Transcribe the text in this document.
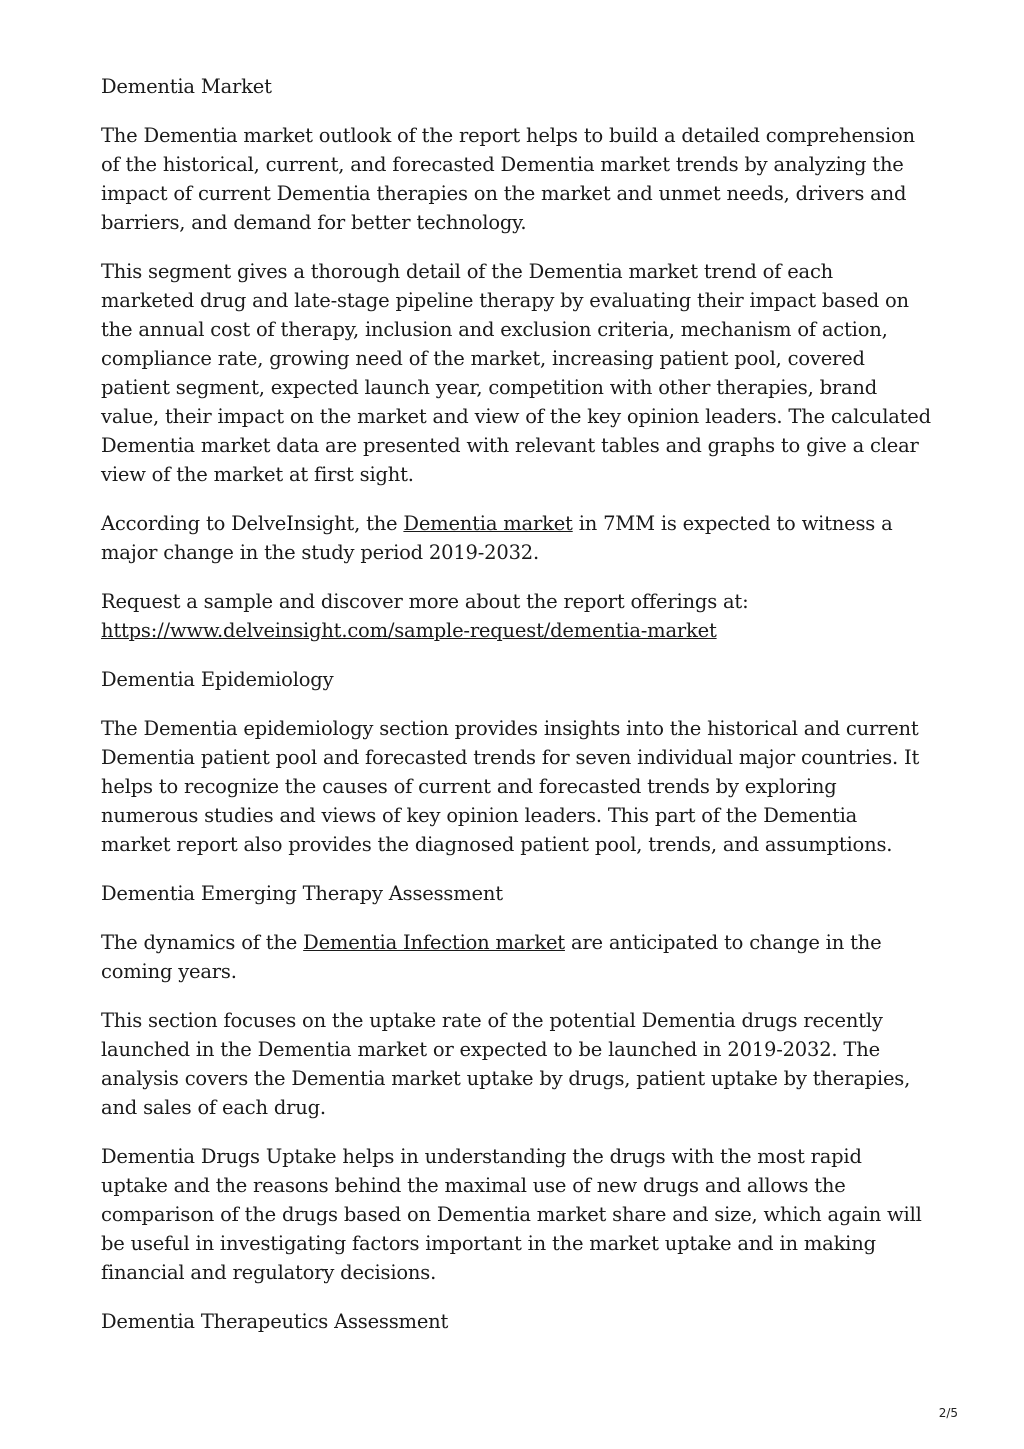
Dementia Market

The Dementia market outlook of the report helps to build a detailed comprehension of the historical, current, and forecasted Dementia market trends by analyzing the impact of current Dementia therapies on the market and unmet needs, drivers and barriers, and demand for better technology.

This segment gives a thorough detail of the Dementia market trend of each marketed drug and late-stage pipeline therapy by evaluating their impact based on the annual cost of therapy, inclusion and exclusion criteria, mechanism of action, compliance rate, growing need of the market, increasing patient pool, covered patient segment, expected launch year, competition with other therapies, brand value, their impact on the market and view of the key opinion leaders. The calculated Dementia market data are presented with relevant tables and graphs to give a clear view of the market at first sight.

According to DelveInsight, the Dementia market in 7MM is expected to witness a major change in the study period 2019-2032.

Request a sample and discover more about the report offerings at:
https://www.delveinsight.com/sample-request/dementia-market

Dementia Epidemiology

The Dementia epidemiology section provides insights into the historical and current Dementia patient pool and forecasted trends for seven individual major countries. It helps to recognize the causes of current and forecasted trends by exploring numerous studies and views of key opinion leaders. This part of the Dementia market report also provides the diagnosed patient pool, trends, and assumptions.

Dementia Emerging Therapy Assessment

The dynamics of the Dementia Infection market are anticipated to change in the coming years.

This section focuses on the uptake rate of the potential Dementia drugs recently launched in the Dementia market or expected to be launched in 2019-2032. The analysis covers the Dementia market uptake by drugs, patient uptake by therapies, and sales of each drug.

Dementia Drugs Uptake helps in understanding the drugs with the most rapid uptake and the reasons behind the maximal use of new drugs and allows the comparison of the drugs based on Dementia market share and size, which again will be useful in investigating factors important in the market uptake and in making financial and regulatory decisions.

Dementia Therapeutics Assessment

2/5
